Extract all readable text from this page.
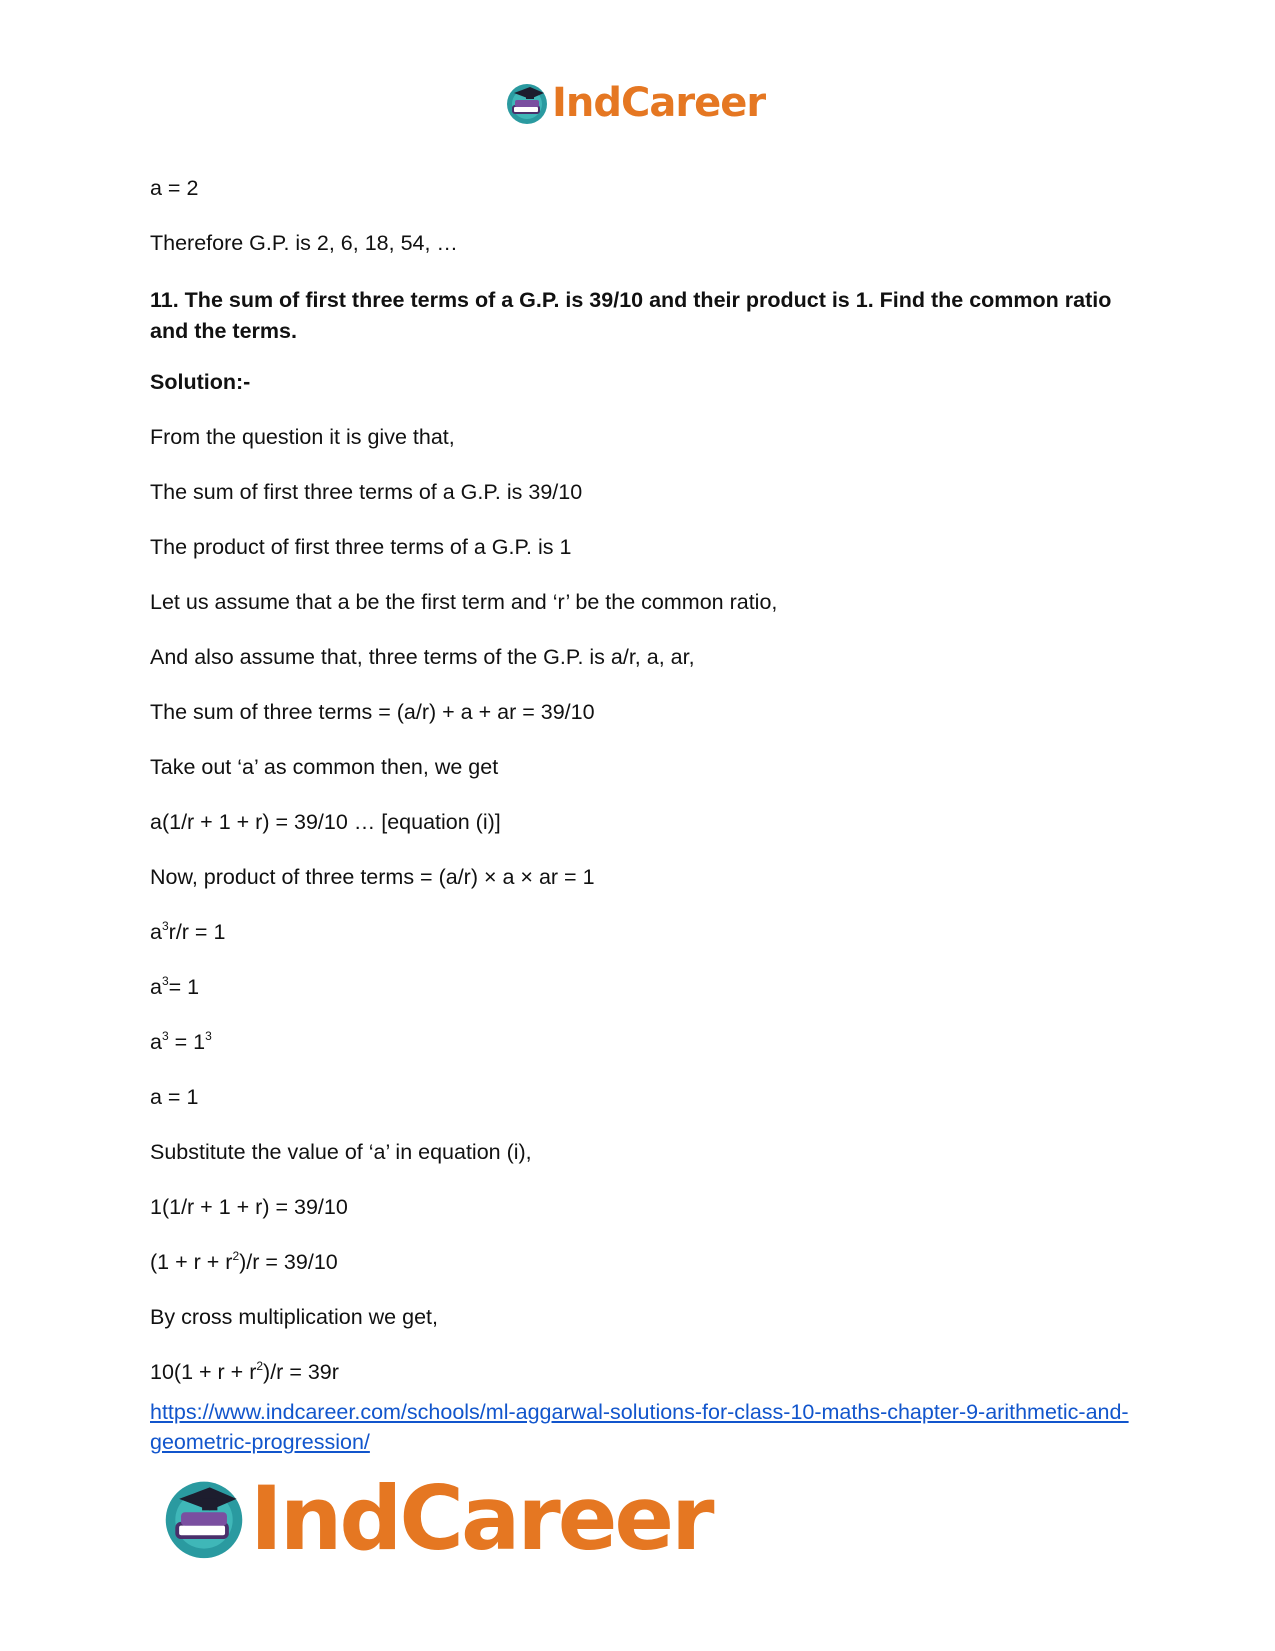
IndCareer

a = 2

Therefore G.P. is 2, 6, 18, 54, …

11. The sum of first three terms of a G.P. is 39/10 and their product is 1. Find the common ratio and the terms.

Solution:-

From the question it is give that,

The sum of first three terms of a G.P. is 39/10

The product of first three terms of a G.P. is 1

Let us assume that a be the first term and ‘r’ be the common ratio,

And also assume that, three terms of the G.P. is a/r, a, ar,

The sum of three terms = (a/r) + a + ar = 39/10

Take out ‘a’ as common then, we get

a(1/r + 1 + r) = 39/10 … [equation (i)]

Now, product of three terms = (a/r) × a × ar = 1

$a^3r/r = 1$

$a^3= 1$

$a^3 = 1^3$

a = 1

Substitute the value of ‘a’ in equation (i),

1(1/r + 1 + r) = 39/10

$(1 + r + r^2)/r = 39/10$

By cross multiplication we get,

$10(1 + r + r^2)/r = 39r$

https://www.indcareer.com/schools/ml-aggarwal-solutions-for-class-10-maths-chapter-9-arithmetic-and-geometric-progression/
IndCareer
